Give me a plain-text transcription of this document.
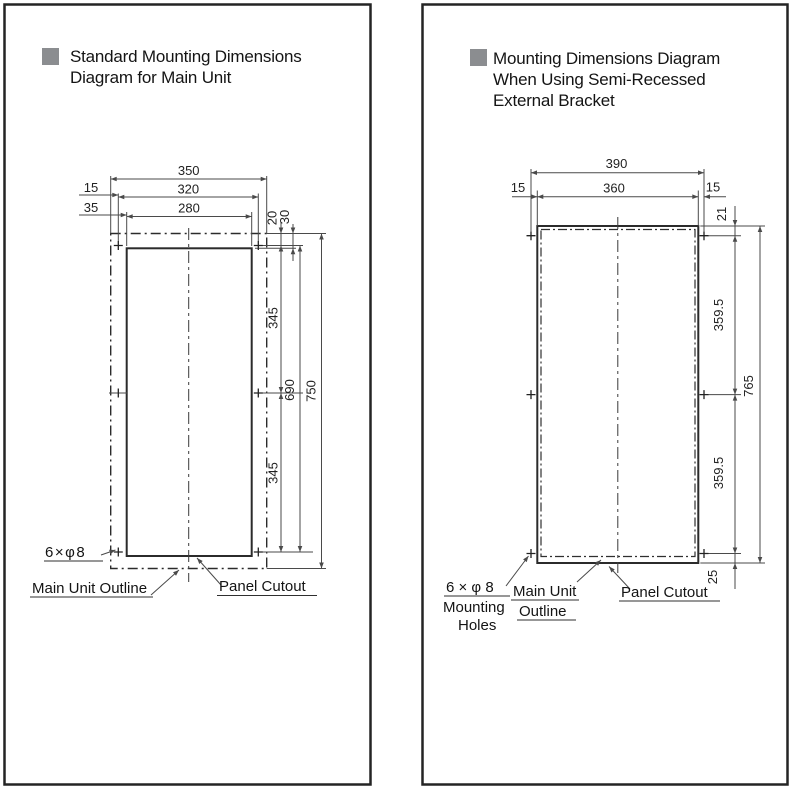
Standard Mounting Dimensions
Diagram for Main Unit
350
320
280
15
35
20
30
345
690 750
345
6×φ8
Main Unit Outline	Panel Cutout
Mounting Dimensions Diagram
When Using Semi-Recessed
External Bracket
390
360
15	15
21
359.5
765
359.5
25
6 × φ 8
Mounting
Holes
Main Unit
Outline
Panel Cutout
